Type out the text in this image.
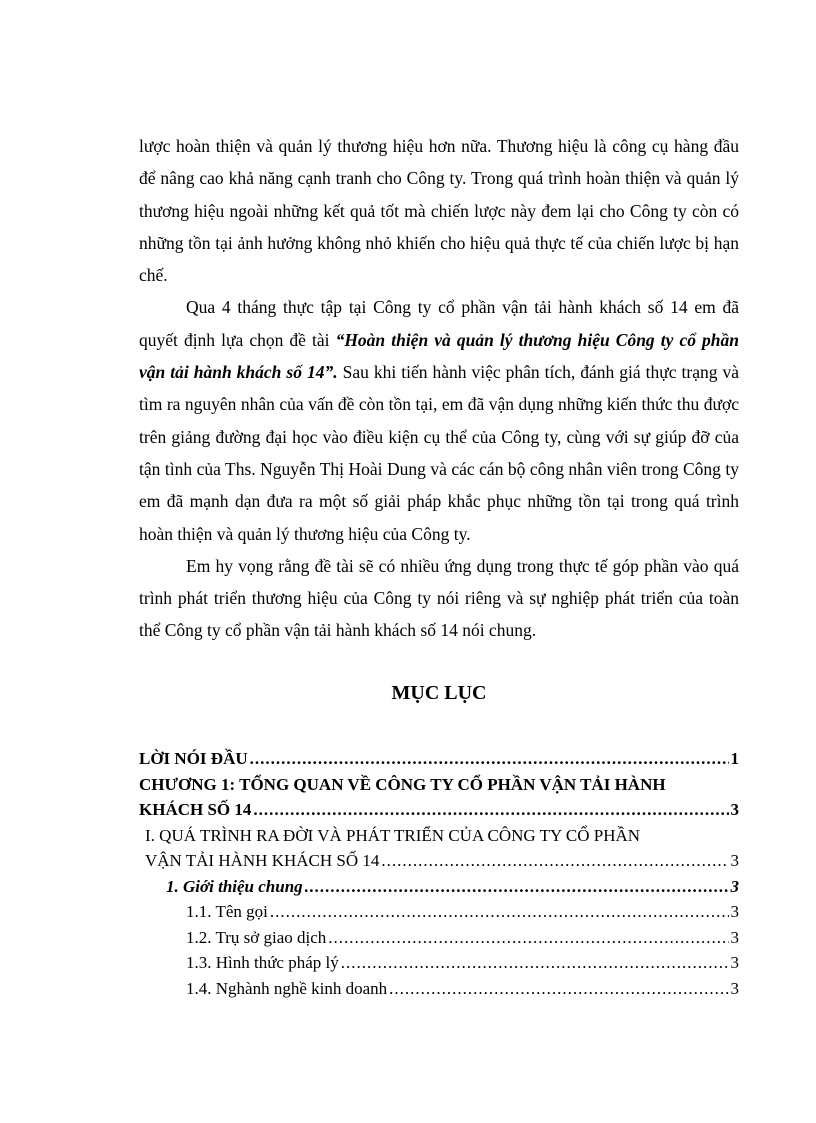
lược hoàn thiện và quản lý thương hiệu hơn nữa. Thương hiệu là công cụ hàng đầu để nâng cao khả năng cạnh tranh cho Công ty. Trong quá trình hoàn thiện và quản lý thương hiệu ngoài những kết quả tốt mà chiến lược này đem lại cho Công ty còn có những tồn tại ảnh hưởng không nhỏ khiến cho hiệu quả thực tế của chiến lược bị hạn chế.

Qua 4 tháng thực tập tại Công ty cổ phần vận tải hành khách số 14 em đã quyết định lựa chọn đề tài “Hoàn thiện và quản lý thương hiệu Công ty cổ phần vận tải hành khách số 14”. Sau khi tiến hành việc phân tích, đánh giá thực trạng và tìm ra nguyên nhân của vấn đề còn tồn tại, em đã vận dụng những kiến thức thu được trên giảng đường đại học vào điều kiện cụ thể của Công ty, cùng với sự giúp đỡ của tận tình của Ths. Nguyễn Thị Hoài Dung và các cán bộ công nhân viên trong Công ty em đã mạnh dạn đưa ra một số giải pháp khắc phục những tồn tại trong quá trình hoàn thiện và quản lý thương hiệu của Công ty.

Em hy vọng rằng đề tài sẽ có nhiều ứng dụng trong thực tế góp phần vào quá trình phát triển thương hiệu của Công ty nói riêng và sự nghiệp phát triển của toàn thể Công ty cổ phần vận tải hành khách số 14 nói chung.

MỤC LỤC
LỜI NÓI ĐẦU .....	1
CHƯƠNG 1: TỔNG QUAN VỀ CÔNG TY CỔ PHẦN VẬN TẢI HÀNH
KHÁCH SỐ 14 .....	3
I. QUÁ TRÌNH RA ĐỜI VÀ PHÁT TRIỂN CỦA CÔNG TY CỔ PHẦN
VẬN TẢI HÀNH KHÁCH SỐ 14 .....	3
1. Giới thiệu chung .....	3
1.1. Tên gọi .....	3
1.2. Trụ sở giao dịch .....	3
1.3. Hình thức pháp lý .....	3
1.4. Nghành nghề kinh doanh .....	3
